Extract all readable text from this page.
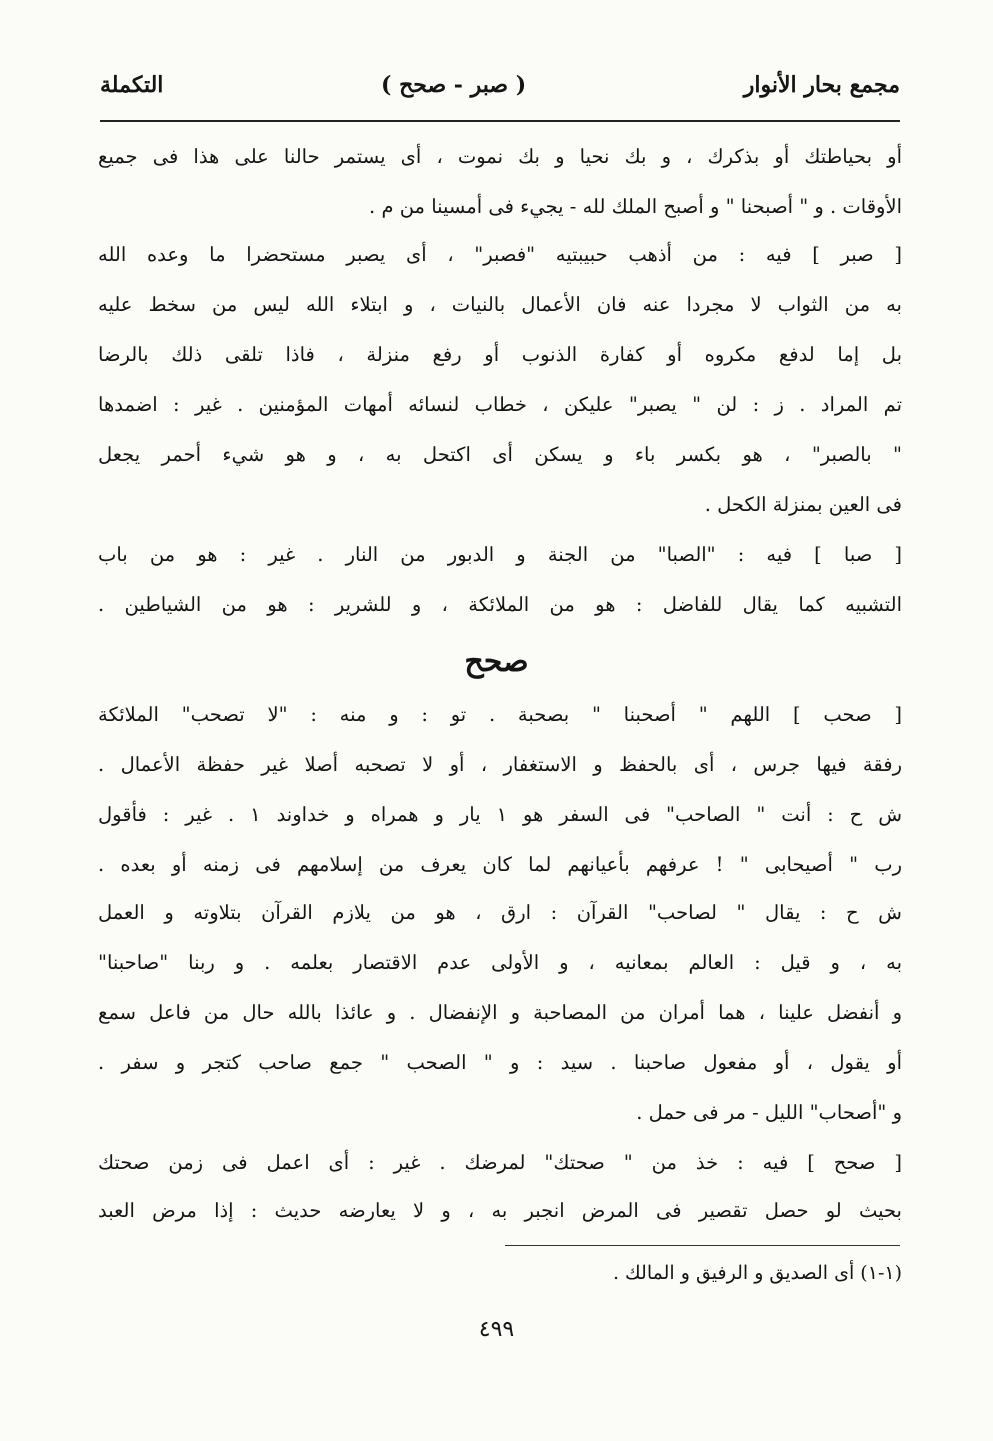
مجمع بحار الأنوار
( صبر - صحح )
التكملة
أو بحياطتك أو بذكرك ، و بك نحيا و بك نموت ، أى يستمر حالنا على هذا فى جميع
الأوقات . و " أصبحنا " و أصبح الملك لله - يجيء فى أمسينا من م .
[ صبر ] فيه : من أذهب حبيبتيه "فصبر" ، أى يصبر مستحضرا ما وعده الله
به من الثواب لا مجردا عنه فان الأعمال بالنيات ، و ابتلاء الله ليس من سخط عليه
بل إما لدفع مكروه أو كفارة الذنوب أو رفع منزلة ، فاذا تلقى ذلك بالرضا
تم المراد . ز : لن " يصبر" عليكن ، خطاب لنسائه أمهات المؤمنين . غير : اضمدها
" بالصبر" ، هو بكسر باء و يسكن أى اكتحل به ، و هو شيء أحمر يجعل
فى العين بمنزلة الكحل .
[ صبا ] فيه : "الصبا" من الجنة و الدبور من النار . غير : هو من باب
التشبيه كما يقال للفاضل : هو من الملائكة ، و للشرير : هو من الشياطين .
صحح
[ صحب ] اللهم " أصحبنا " بصحبة . تو : و منه : "لا تصحب" الملائكة
رفقة فيها جرس ، أى بالحفظ و الاستغفار ، أو لا تصحبه أصلا غير حفظة الأعمال .
ش ح : أنت " الصاحب" فى السفر هو ١ يار و همراه و خداوند ١ . غير : فأقول
رب " أصيحابى " ! عرفهم بأعيانهم لما كان يعرف من إسلامهم فى زمنه أو بعده .
ش ح : يقال " لصاحب" القرآن : ارق ، هو من يلازم القرآن بتلاوته و العمل
به ، و قيل : العالم بمعانيه ، و الأولى عدم الاقتصار بعلمه . و ربنا "صاحبنا"
و أنفضل علينا ، هما أمران من المصاحبة و الإنفضال . و عائذا بالله حال من فاعل سمع
أو يقول ، أو مفعول صاحبنا . سيد : و " الصحب " جمع صاحب كتجر و سفر .
و "أصحاب" الليل - مر فى حمل .
[ صحح ] فيه : خذ من " صحتك" لمرضك . غير : أى اعمل فى زمن صحتك
بحيث لو حصل تقصير فى المرض انجبر به ، و لا يعارضه حديث : إذا مرض العبد
(١-١) أى الصديق و الرفيق و المالك .
٤٩٩
